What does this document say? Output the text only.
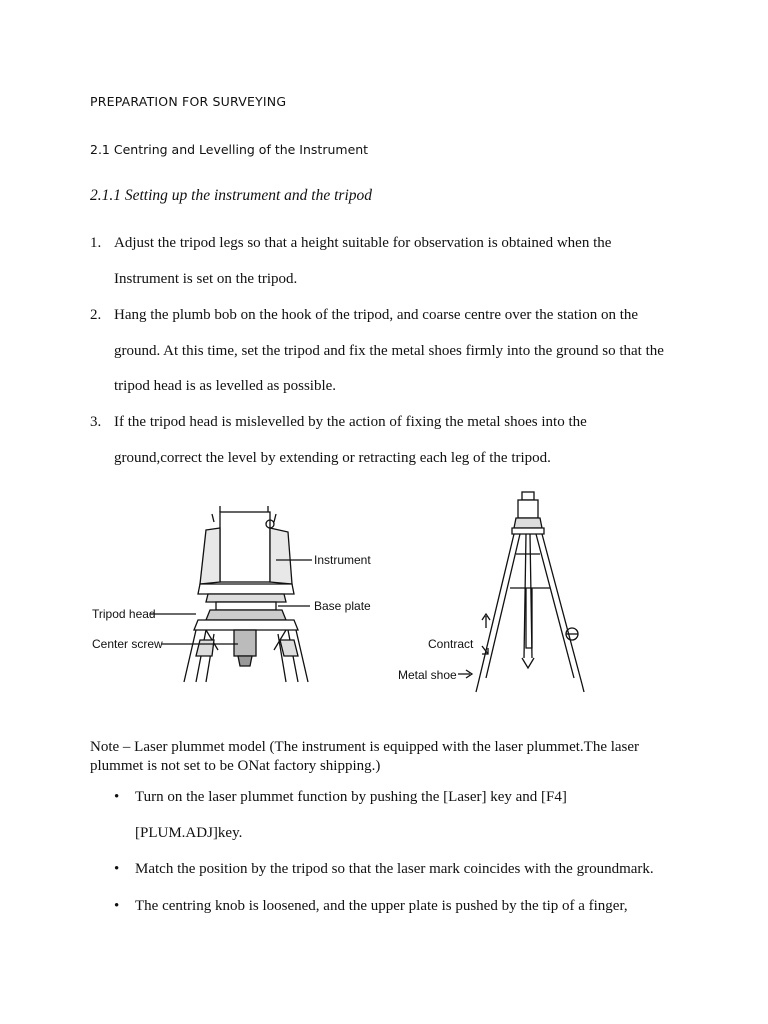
PREPARATION FOR SURVEYING
2.1 Centring and Levelling of the Instrument
2.1.1 Setting up the instrument and the tripod
1. Adjust the tripod legs so that a height suitable for observation is obtained when the
Instrument is set on the tripod.
2. Hang the plumb bob on the hook of the tripod, and coarse centre over the station on the
ground. At this time, set the tripod and fix the metal shoes firmly into the ground so that the
tripod head is as levelled as possible.
3. If the tripod head is mislevelled by the action of fixing the metal shoes into the
ground,correct the level by extending or retracting each leg of the tripod.
Instrument
Tripod head
Base plate
Center screw	Contract
Metal shoe
Note – Laser plummet model (The instrument is equipped with the laser plummet.The laser plummet is not set to be ONat factory shipping.)
• Turn on the laser plummet function by pushing the [Laser] key and [F4]
[PLUM.ADJ]key.
• Match the position by the tripod so that the laser mark coincides with the groundmark.
• The centring knob is loosened, and the upper plate is pushed by the tip of a finger,
